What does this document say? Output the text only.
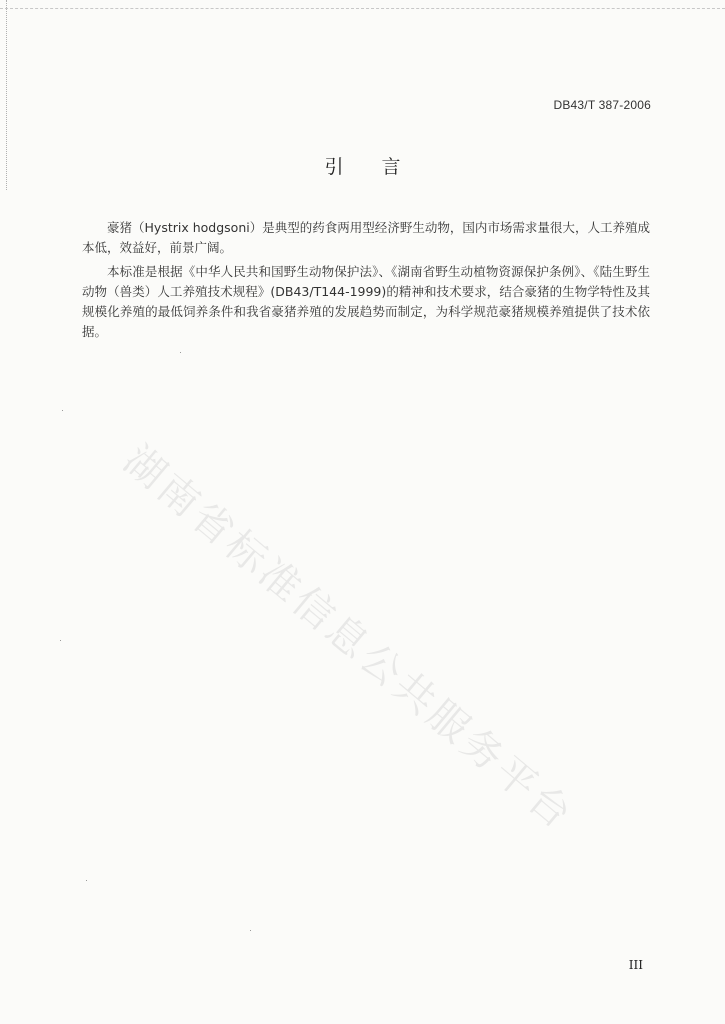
湖南省标准信息公共服务平台
DB43/T 387-2006
引言

豪猪（Hystrix hodgsoni）是典型的药食两用型经济野生动物，国内市场需求量很大，人工养殖成本低，效益好，前景广阔。

本标准是根据《中华人民共和国野生动物保护法》、《湖南省野生动植物资源保护条例》、《陆生野生动物（兽类）人工养殖技术规程》(DB43/T144-1999)的精神和技术要求，结合豪猪的生物学特性及其规模化养殖的最低饲养条件和我省豪猪养殖的发展趋势而制定，为科学规范豪猪规模养殖提供了技术依据。

III
